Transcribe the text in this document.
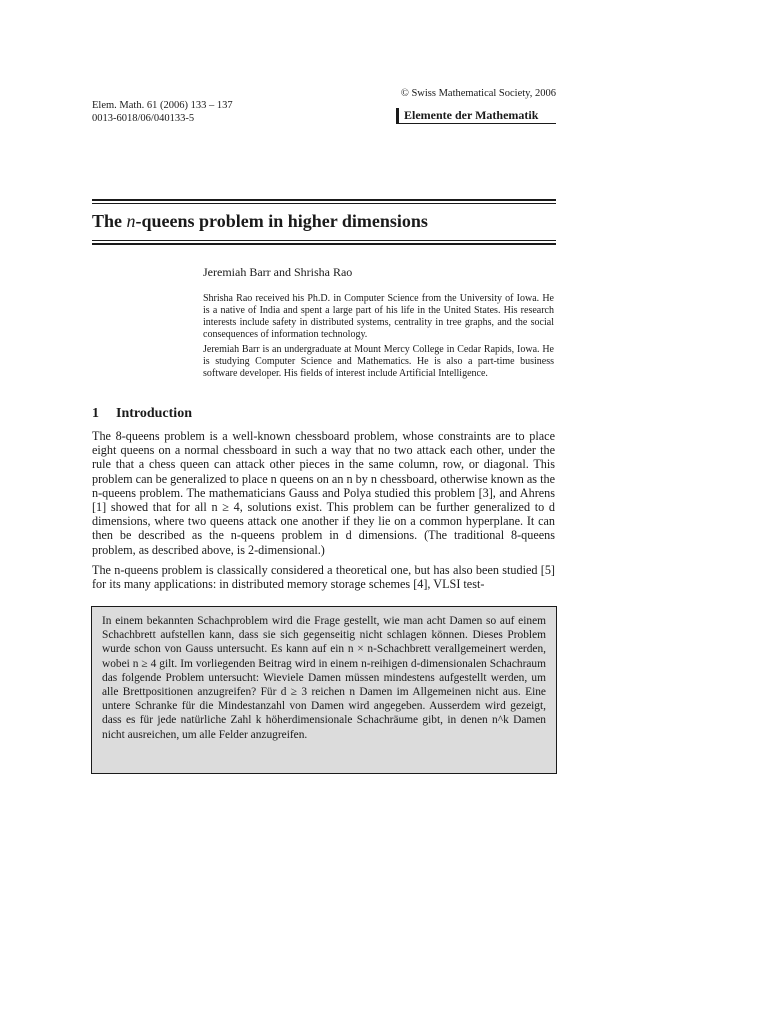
Elem. Math. 61 (2006) 133 – 137
0013-6018/06/040133-5
© Swiss Mathematical Society, 2006
Elemente der Mathematik
The n-queens problem in higher dimensions
Jeremiah Barr and Shrisha Rao
Shrisha Rao received his Ph.D. in Computer Science from the University of Iowa. He is a native of India and spent a large part of his life in the United States. His research interests include safety in distributed systems, centrality in tree graphs, and the social consequences of information technology.
Jeremiah Barr is an undergraduate at Mount Mercy College in Cedar Rapids, Iowa. He is studying Computer Science and Mathematics. He is also a part-time business software developer. His fields of interest include Artificial Intelligence.
1 Introduction

The 8-queens problem is a well-known chessboard problem, whose constraints are to place eight queens on a normal chessboard in such a way that no two attack each other, under the rule that a chess queen can attack other pieces in the same column, row, or diagonal. This problem can be generalized to place n queens on an n by n chessboard, otherwise known as the n-queens problem. The mathematicians Gauss and Polya studied this problem [3], and Ahrens [1] showed that for all n ≥ 4, solutions exist. This problem can be further generalized to d dimensions, where two queens attack one another if they lie on a common hyperplane. It can then be described as the n-queens problem in d dimensions. (The traditional 8-queens problem, as described above, is 2-dimensional.)

The n-queens problem is classically considered a theoretical one, but has also been studied [5] for its many applications: in distributed memory storage schemes [4], VLSI test-

In einem bekannten Schachproblem wird die Frage gestellt, wie man acht Damen so auf einem Schachbrett aufstellen kann, dass sie sich gegenseitig nicht schlagen können. Dieses Problem wurde schon von Gauss untersucht. Es kann auf ein n × n-Schachbrett verallgemeinert werden, wobei n ≥ 4 gilt. Im vorliegenden Beitrag wird in einem n-reihigen d-dimensionalen Schachraum das folgende Problem untersucht: Wieviele Damen müssen mindestens aufgestellt werden, um alle Brettpositionen anzugreifen? Für d ≥ 3 reichen n Damen im Allgemeinen nicht aus. Eine untere Schranke für die Mindestanzahl von Damen wird angegeben. Ausserdem wird gezeigt, dass es für jede natürliche Zahl k höherdimensionale Schachräume gibt, in denen n^k Damen nicht ausreichen, um alle Felder anzugreifen.
